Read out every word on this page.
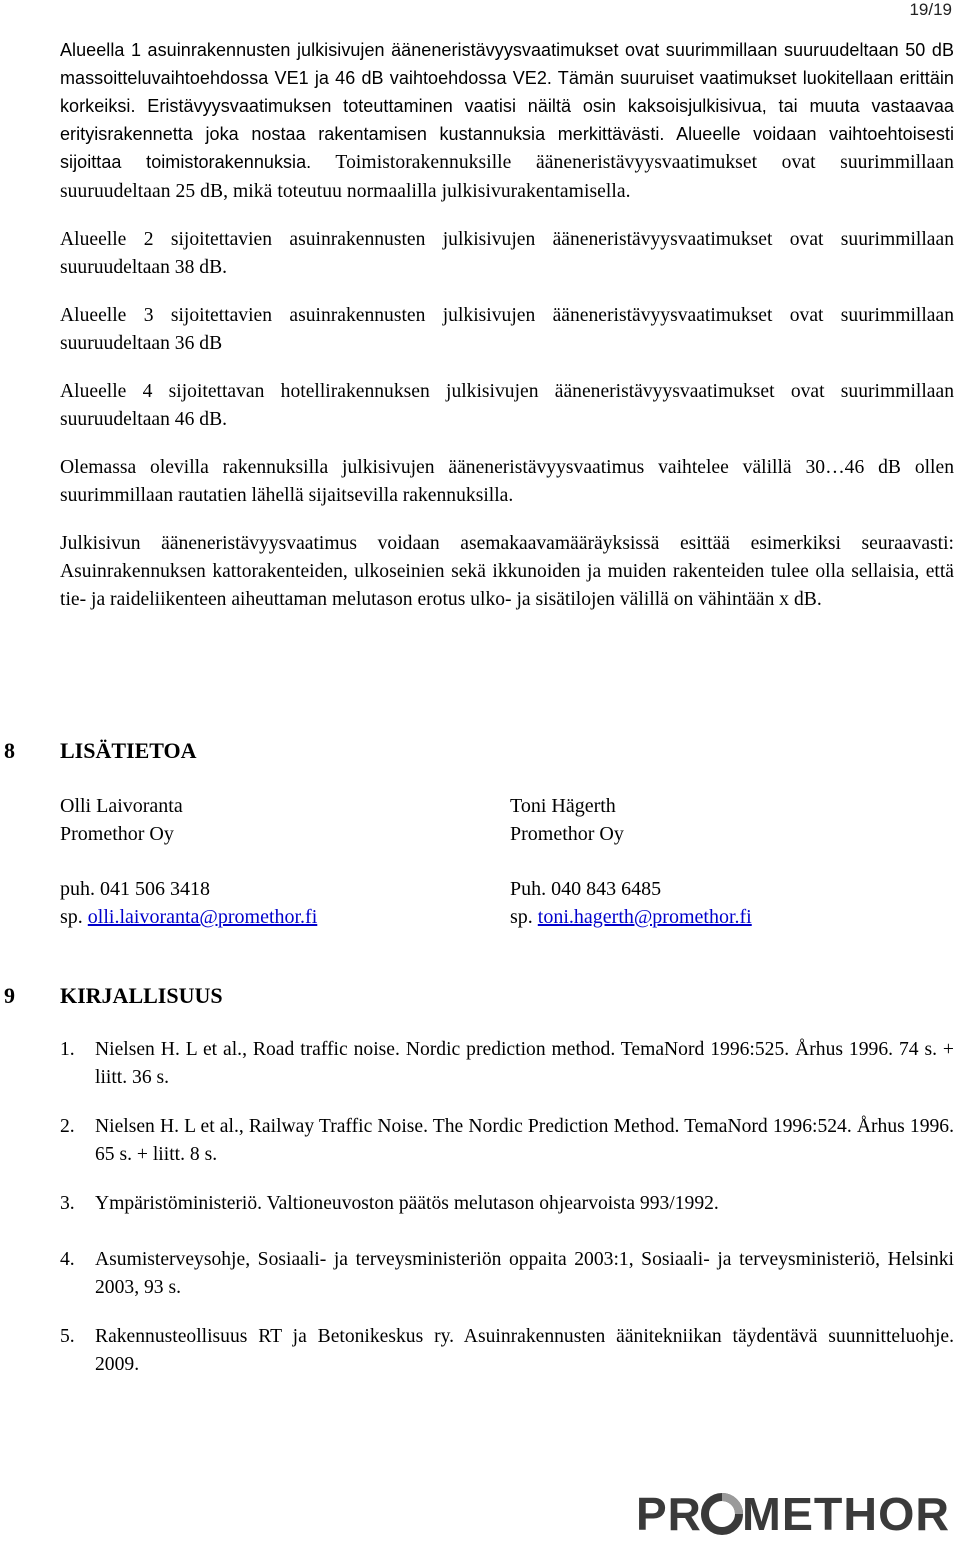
19/19

Alueella 1 asuinrakennusten julkisivujen ääneneristävyysvaatimukset ovat suurimmillaan suuruudeltaan 50 dB massoitteluvaihtoehdossa VE1 ja 46 dB vaihtoehdossa VE2. Tämän suuruiset vaatimukset luokitellaan erittäin korkeiksi. Eristävyysvaatimuksen toteuttaminen vaatisi näiltä osin kaksoisjulkisivua, tai muuta vastaavaa erityisrakennetta joka nostaa rakentamisen kustannuksia merkittävästi. Alueelle voidaan vaihtoehtoisesti sijoittaa toimistorakennuksia. Toimistorakennuksille ääneneristävyysvaatimukset ovat suurimmillaan suuruudeltaan 25 dB, mikä toteutuu normaalilla julkisivurakentamisella.

Alueelle 2 sijoitettavien asuinrakennusten julkisivujen ääneneristävyysvaatimukset ovat suurimmillaan suuruudeltaan 38 dB.

Alueelle 3 sijoitettavien asuinrakennusten julkisivujen ääneneristävyysvaatimukset ovat suurimmillaan suuruudeltaan 36 dB

Alueelle 4 sijoitettavan hotellirakennuksen julkisivujen ääneneristävyysvaatimukset ovat suurimmillaan suuruudeltaan 46 dB.

Olemassa olevilla rakennuksilla julkisivujen ääneneristävyysvaatimus vaihtelee välillä 30…46 dB ollen suurimmillaan rautatien lähellä sijaitsevilla rakennuksilla.

Julkisivun ääneneristävyysvaatimus voidaan asemakaavamääräyksissä esittää esimerkiksi seuraavasti: Asuinrakennuksen kattorakenteiden, ulkoseinien sekä ikkunoiden ja muiden rakenteiden tulee olla sellaisia, että tie- ja raideliikenteen aiheuttaman melutason erotus ulko- ja sisätilojen välillä on vähintään x dB.

8	LISÄTIETOA
Olli Laivoranta
Promethor Oy
puh. 041 506 3418
sp. olli.laivoranta@promethor.fi
Toni Hägerth
Promethor Oy
Puh. 040 843 6485
sp. toni.hagerth@promethor.fi
9	KIRJALLISUUS
1. Nielsen H. L et al., Road traffic noise. Nordic prediction method. TemaNord 1996:525. Århus 1996. 74 s. + liitt. 36 s.
2. Nielsen H. L et al., Railway Traffic Noise. The Nordic Prediction Method. TemaNord 1996:524. Århus 1996. 65 s. + liitt. 8 s.
3. Ympäristöministeriö. Valtioneuvoston päätös melutason ohjearvoista 993/1992.
4. Asumisterveysohje, Sosiaali- ja terveysministeriön oppaita 2003:1, Sosiaali- ja terveysministeriö, Helsinki 2003, 93 s.
5. Rakennusteollisuus RT ja Betonikeskus ry. Asuinrakennusten äänitekniikan täydentävä suunnitteluohje. 2009.
PR METHOR
